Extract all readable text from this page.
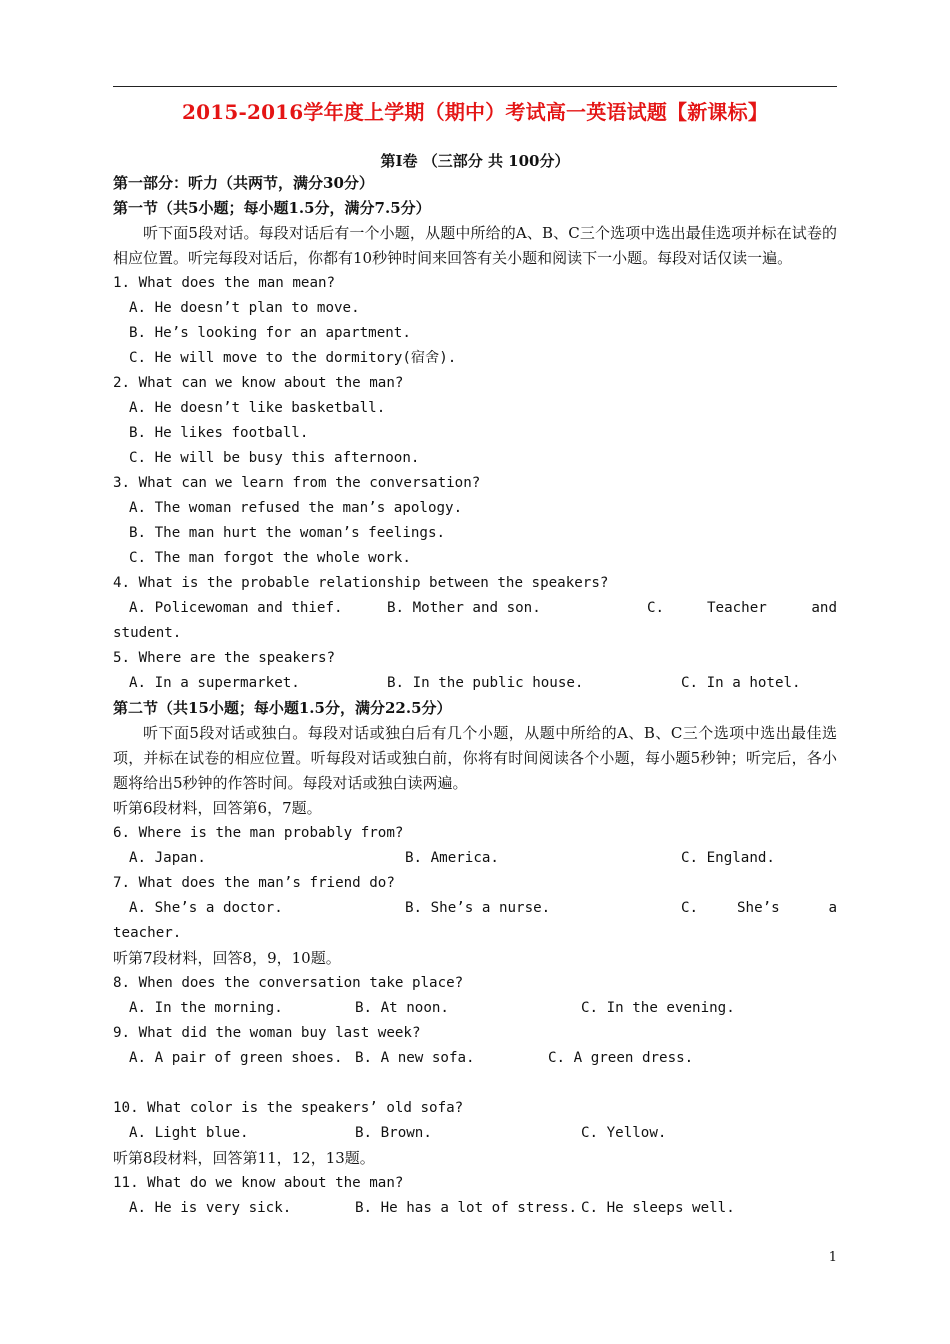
2015-2016学年度上学期（期中）考试高一英语试题【新课标】
第Ⅰ卷 （三部分 共 100分）
第一部分：听力（共两节，满分30分）
第一节（共5小题；每小题1.5分，满分7.5分）
听下面5段对话。每段对话后有一个小题，从题中所给的A、B、C三个选项中选出最佳选项并标在试卷的相应位置。听完每段对话后，你都有10秒钟时间来回答有关小题和阅读下一小题。每段对话仅读一遍。
1. What does the man mean?
A. He doesn’t plan to move.
B. He’s looking for an apartment.
C. He will move to the dormitory(宿舍).
2. What can we know about the man?
A. He doesn’t like basketball.
B. He likes football.
C. He will be busy this afternoon.
3. What can we learn from the conversation?
A. The woman refused the man’s apology.
B. The man hurt the woman’s feelings.
C. The man forgot the whole work.
4. What is the probable relationship between the speakers?
A. Policewoman and thief.	B. Mother and son.	C.	Teacher	and
student.
5. Where are the speakers?
A. In a supermarket.	B. In the public house.	C. In a hotel.
第二节（共15小题；每小题1.5分，满分22.5分）
听下面5段对话或独白。每段对话或独白后有几个小题，从题中所给的A、B、C三个选项中选出最佳选项，并标在试卷的相应位置。听每段对话或独白前，你将有时间阅读各个小题，每小题5秒钟；听完后，各小题将给出5秒钟的作答时间。每段对话或独白读两遍。
听第6段材料，回答第6，7题。
6. Where is the man probably from?
A. Japan.	B. America.	C. England.
7. What does the man’s friend do?
A. She’s a doctor.	B. She’s a nurse.	C.	She’s	a
teacher.
听第7段材料，回答8，9，10题。
8. When does the conversation take place?
A. In the morning.	B. At noon.	C. In the evening.
9. What did the woman buy last week?
A. A pair of green shoes. B. A new sofa.	C. A green dress.
10. What color is the speakers’ old sofa?
A. Light blue.	B. Brown.	C. Yellow.
听第8段材料，回答第11，12，13题。
11. What do we know about the man?
A. He is very sick.	B. He has a lot of stress. C. He sleeps well.
1
